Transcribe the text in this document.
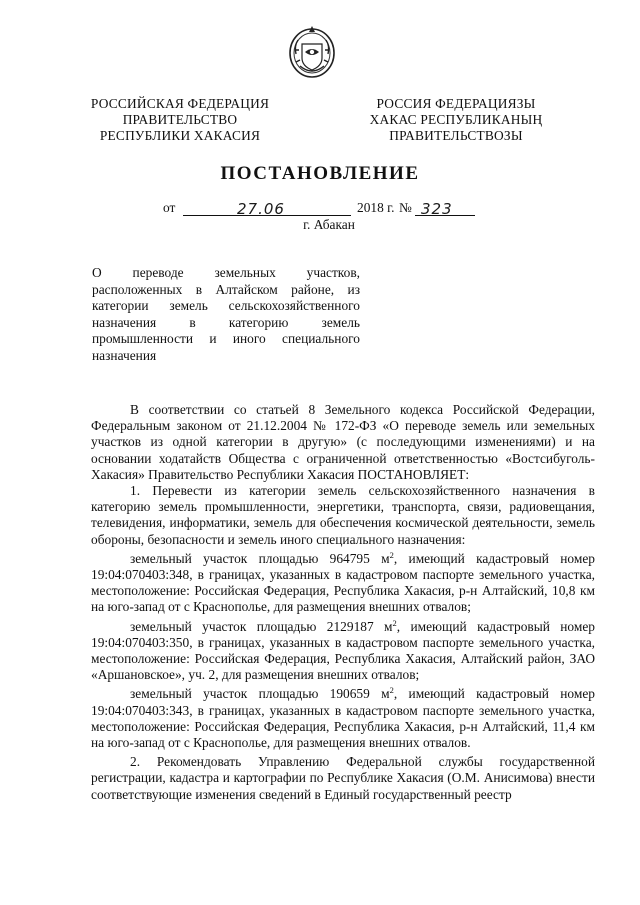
РОССИЙСКАЯ ФЕДЕРАЦИЯ
ПРАВИТЕЛЬСТВО
РЕСПУБЛИКИ ХАКАСИЯ
РОССИЯ ФЕДЕРАЦИЯЗЫ
ХАКАС РЕСПУБЛИКАНЫҢ
ПРАВИТЕЛЬСТВОЗЫ
ПОСТАНОВЛЕНИЕ
от	27.06	2018 г. № 323
г. Абакан
О переводе земельных участков,
расположенных в Алтайском районе, из
категории земель сельскохозяйственного
назначения в категорию земель
промышленности и иного специального
назначения

В соответствии со статьей 8 Земельного кодекса Российской Федерации, Федеральным законом от 21.12.2004 № 172-ФЗ «О переводе земель или земельных участков из одной категории в другую» (с последующими изменениями) и на основании ходатайств Общества с ограниченной ответственностью «Востсибуголь-Хакасия» Правительство Республики Хакасия ПОСТАНОВЛЯЕТ:

1. Перевести из категории земель сельскохозяйственного назначения в категорию земель промышленности, энергетики, транспорта, связи, радиовещания, телевидения, информатики, земель для обеспечения космической деятельности, земель обороны, безопасности и земель иного специального назначения:

земельный участок площадью 964795 $м^2$, имеющий кадастровый номер 19:04:070403:348, в границах, указанных в кадастровом паспорте земельного участка, местоположение: Российская Федерация, Республика Хакасия, р-н Алтайский, 10,8 км на юго-запад от с Краснополье, для размещения внешних отвалов;

земельный участок площадью 2129187 $м^2$, имеющий кадастровый номер 19:04:070403:350, в границах, указанных в кадастровом паспорте земельного участка, местоположение: Российская Федерация, Республика Хакасия, Алтайский район, ЗАО «Аршановское», уч. 2, для размещения внешних отвалов;

земельный участок площадью 190659 $м^2$, имеющий кадастровый номер 19:04:070403:343, в границах, указанных в кадастровом паспорте земельного участка, местоположение: Российская Федерация, Республика Хакасия, р-н Алтайский, 11,4 км на юго-запад от с Краснополье, для размещения внешних отвалов.

2. Рекомендовать Управлению Федеральной службы государственной регистрации, кадастра и картографии по Республике Хакасия (О.М. Анисимова) внести соответствующие изменения сведений в Единый государственный реестр
